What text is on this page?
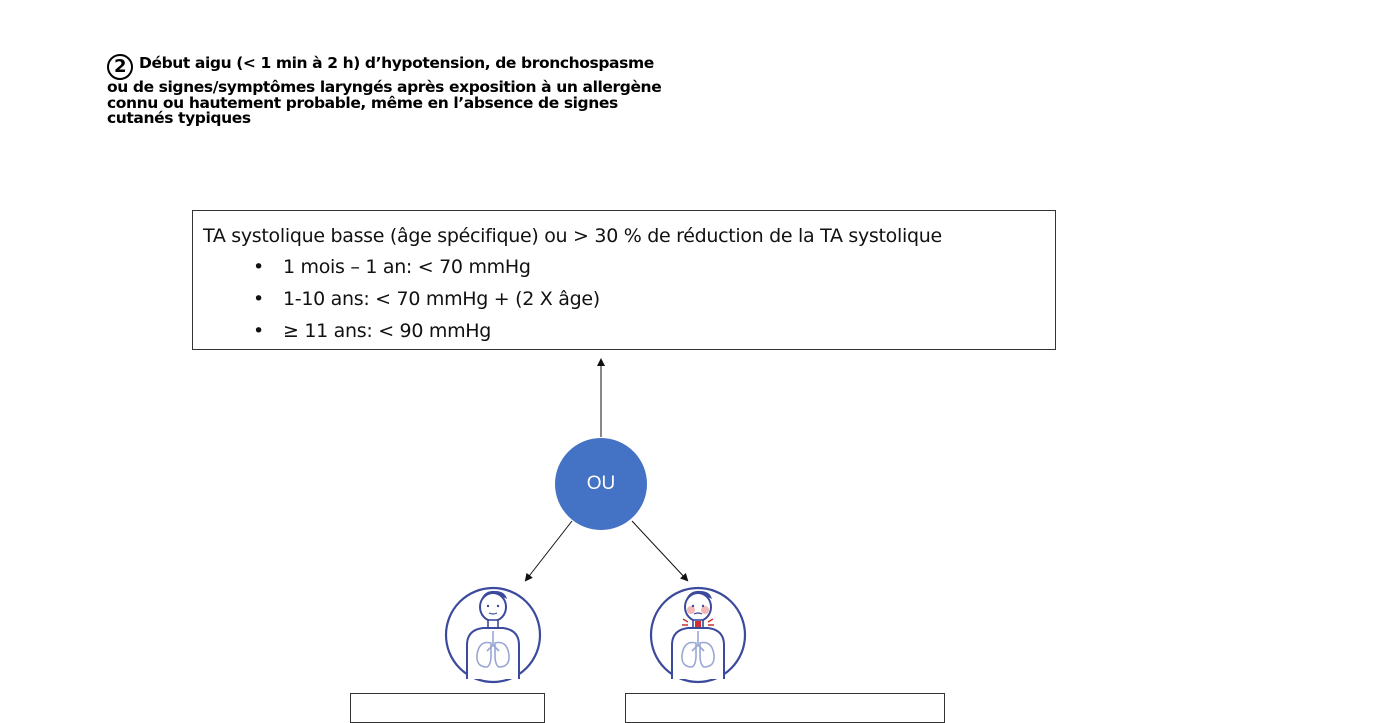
2 Début aigu (< 1 min à 2 h) d’hypotension, de bronchospasme ou de signes/symptômes laryngés après exposition à un allergène connu ou hautement probable, même en l’absence de signes cutanés typiques
TA systolique basse (âge spécifique) ou > 30 % de réduction de la TA systolique
• 1 mois – 1 an: < 70 mmHg
• 1-10 ans: < 70 mmHg + (2 X âge)
• ≥ 11 ans: < 90 mmHg
OU
